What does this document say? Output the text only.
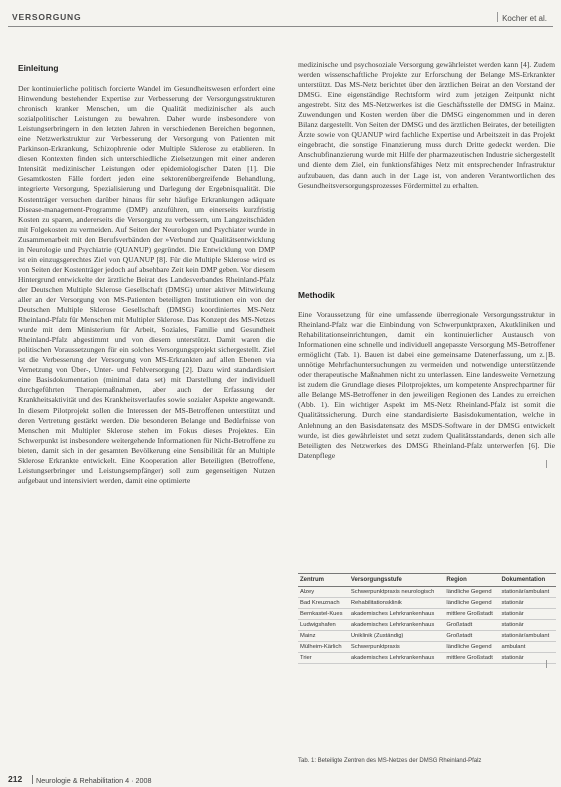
VERSORGUNG	Kocher et al.
Einleitung

Der kontinuierliche politisch forcierte Wandel im Gesundheitswesen erfordert eine Hinwendung bestehender Expertise zur Verbesserung der Versorgungsstrukturen chronisch kranker Menschen, um die Qualität medizinischer als auch sozialpolitischer Leistungen zu bewahren. Daher wurde insbesondere von Leistungserbringern in den letzten Jahren in verschiedenen Bereichen begonnen, eine Netzwerkstruktur zur Verbesserung der Versorgung von Patienten mit Parkinson-Erkrankung, Schizophrenie oder Multiple Sklerose zu etablieren. In diesen Kontexten finden sich unterschiedliche Zielsetzungen mit einer anderen Intensität medizinischer Leistungen oder epidemiologischer Daten [1]. Die Gesamtkosten Fälle fordert jeden eine sektorenübergreifende Behandlung, integrierte Versorgung, Spezialisierung und Darlegung der Ergebnisqualität. Die Kostenträger versuchen darüber hinaus für sehr häufige Erkrankungen adäquate Disease-management-Programme (DMP) anzuführen, um einerseits kurzfristig Kosten zu sparen, andererseits die Versorgung zu verbessern, um Langzeitschäden mit Folgekosten zu vermeiden. Auf Seiten der Neurologen und Psychiater wurde in Zusammenarbeit mit den Berufsverbänden der »Verbund zur Qualitätsentwicklung in Neurologie und Psychiatrie (QUANUP) gegründet. Die Entwicklung von DMP ist ein einzugsgerechtes Ziel von QUANUP [8]. Für die Multiple Sklerose wird es von Seiten der Kostenträger jedoch auf absehbare Zeit kein DMP geben. Vor diesem Hintergrund entwickelte der ärztliche Beirat des Landesverbandes Rheinland-Pfalz der Deutschen Multiple Sklerose Gesellschaft (DMSG) unter aktiver Mitwirkung aller an der Versorgung von MS-Patienten beteiligten Institutionen ein von der Deutschen Multiple Sklerose Gesellschaft (DMSG) koordiniertes MS-Netz Rheinland-Pfalz für Menschen mit Multipler Sklerose. Das Konzept des MS-Netzes wurde mit dem Ministerium für Arbeit, Soziales, Familie und Gesundheit Rheinland-Pfalz abgestimmt und von diesem unterstützt. Damit waren die politischen Voraussetzungen für ein solches Versorgungsprojekt sichergestellt. Ziel ist die Verbesserung der Versorgung von MS-Erkrankten auf allen Ebenen via Vernetzung von Über-, Unter- und Fehlversorgung [2]. Dazu wird standardisiert eine Basisdokumentation (minimal data set) mit Darstellung der individuell durchgeführten Therapiemaßnahmen, aber auch der Erfassung der Krankheitsaktivität und des Krankheitsverlaufes sowie sozialer Aspekte angewandt. In diesem Pilotprojekt sollen die Interessen der MS-Betroffenen unterstützt und deren Vertretung gestärkt werden. Die besonderen Belange und Bedürfnisse von Menschen mit Multipler Sklerose stehen im Fokus dieses Projektes. Ein Schwerpunkt ist insbesondere weitergehende Informationen für Nicht-Betroffene zu bieten, damit sich in der gesamten Bevölkerung eine Sensibilität für an Multiple Sklerose Erkrankte entwickelt. Eine Kooperation aller Beteiligten (Betroffene, Leistungserbringer und Leistungsempfänger) soll zum gegenseitigen Nutzen aufgebaut und intensiviert werden, damit eine optimierte

medizinische und psychosoziale Versorgung gewährleistet werden kann [4]. Zudem werden wissenschaftliche Projekte zur Erforschung der Belange MS-Erkrankter unterstützt. Das MS-Netz berichtet über den ärztlichen Beirat an den Vorstand der DMSG. Eine eigenständige Rechtsform wird zum jetzigen Zeitpunkt nicht angestrebt. Sitz des MS-Netzwerkes ist die Geschäftsstelle der DMSG in Mainz. Zuwendungen und Kosten werden über die DMSG eingenommen und in deren Bilanz dargestellt. Von Seiten der DMSG und des ärztlichen Beirates, der beteiligten Ärzte sowie von QUANUP wird fachliche Expertise und Arbeitszeit in das Projekt eingebracht, die sonstige Finanzierung muss durch Dritte gedeckt werden. Die Anschubfinanzierung wurde mit Hilfe der pharmazeutischen Industrie sichergestellt und diente dem Ziel, ein funktionsfähiges Netz mit entsprechender Infrastruktur aufzubauen, das dann auch in der Lage ist, von anderen Verantwortlichen des Gesundheitsversorgungsprozesses Fördermittel zu erhalten.

Methodik

Eine Voraussetzung für eine umfassende überregionale Versorgungsstruktur in Rheinland-Pfalz war die Einbindung von Schwerpunktpraxen, Akutkliniken und Rehabilitationseinrichtungen, damit ein kontinuierlicher Austausch von Informationen eine schnelle und individuell angepasste Versorgung MS-Betroffener ermöglicht (Tab. 1). Bauen ist dabei eine gemeinsame Datenerfassung, um z. B. unnötige Mehrfachuntersuchungen zu vermeiden und notwendige unterstützende oder therapeutische Maßnahmen nicht zu unterlassen. Eine landesweite Vernetzung ist zudem die Grundlage dieses Pilotprojektes, um kompetente Ansprechpartner für alle Belange MS-Betroffener in den jeweiligen Regionen des Landes zu erreichen (Abb. 1). Ein wichtiger Aspekt im MS-Netz Rheinland-Pfalz ist somit die Qualitätssicherung. Durch eine standardisierte Basisdokumentation, welche in Anlehnung an den Basisdatensatz des MSDS-Software in der DMSG entwickelt wurde, ist dies gewährleistet und setzt zudem Qualitätsstandards, denen sich alle Beteiligten des Netzwerkes des DMSG Rheinland-Pfalz unterwerfen [6]. Die Datenpflege

Zentrum	Versorgungsstufe	Region	Dokumentation
Alzey	Schwerpunktpraxis neurologisch	ländliche Gegend	stationär/ambulant
Bad Kreuznach	Rehabilitationsklinik	ländliche Gegend	stationär
Bernkastel-Kues	akademisches Lehrkrankenhaus	mittlere Großstadt	stationär
Ludwigshafen	akademisches Lehrkrankenhaus	Großstadt	stationär
Mainz	Uniklinik (Zuständig)	Großstadt	stationär/ambulant
Mülheim-Kärlich	Schwerpunktpraxis	ländliche Gegend	ambulant
Trier	akademisches Lehrkrankenhaus	mittlere Großstadt	stationär
Tab. 1: Beteiligte Zentren des MS-Netzes der DMSG Rheinland-Pfalz
212	Neurologie & Rehabilitation 4 · 2008
